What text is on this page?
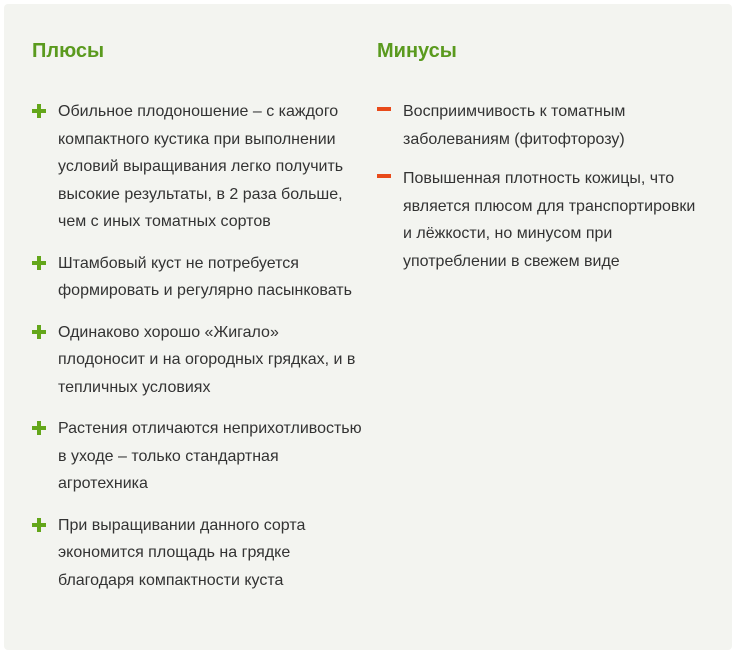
Плюсы
Обильное плодоношение – с каждого компактного кустика при выполнении условий выращивания легко получить высокие результаты, в 2 раза больше, чем с иных томатных сортов
Штамбовый куст не потребуется формировать и регулярно пасынковать
Одинаково хорошо «Жигало» плодоносит и на огородных грядках, и в тепличных условиях
Растения отличаются неприхотливостью в уходе – только стандартная агротехника
При выращивании данного сорта экономится площадь на грядке благодаря компактности куста
Минусы
Восприимчивость к томатным заболеваниям (фитофторозу)
Повышенная плотность кожицы, что является плюсом для транспортировки и лёжкости, но минусом при употреблении в свежем виде
